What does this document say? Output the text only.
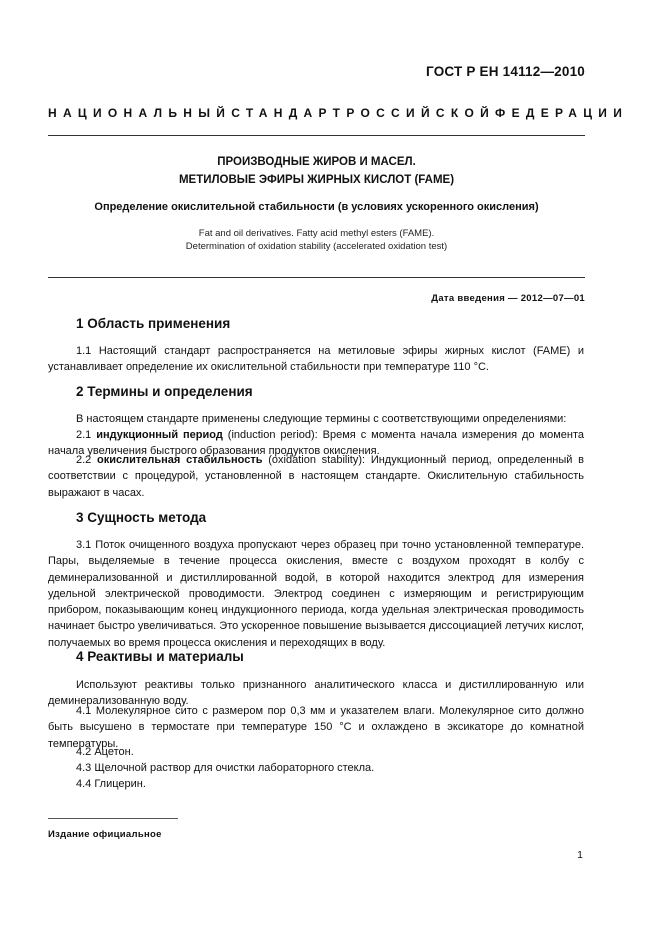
ГОСТ Р ЕН 14112—2010
НАЦИОНАЛЬНЫЙ СТАНДАРТ РОССИЙСКОЙ ФЕДЕРАЦИИ
ПРОИЗВОДНЫЕ ЖИРОВ И МАСЕЛ.
МЕТИЛОВЫЕ ЭФИРЫ ЖИРНЫХ КИСЛОТ (FAME)
Определение окислительной стабильности (в условиях ускоренного окисления)
Fat and oil derivatives. Fatty acid methyl esters (FAME).
Determination of oxidation stability (accelerated oxidation test)
Дата введения — 2012—07—01
1 Область применения
1.1 Настоящий стандарт распространяется на метиловые эфиры жирных кислот (FAME) и устанавливает определение их окислительной стабильности при температуре 110 °С.
2 Термины и определения
В настоящем стандарте применены следующие термины с соответствующими определениями:
2.1 индукционный период (induction period): Время с момента начала измерения до момента начала увеличения быстрого образования продуктов окисления.
2.2 окислительная стабильность (oxidation stability): Индукционный период, определенный в соответствии с процедурой, установленной в настоящем стандарте. Окислительную стабильность выражают в часах.
3 Сущность метода
3.1 Поток очищенного воздуха пропускают через образец при точно установленной температуре. Пары, выделяемые в течение процесса окисления, вместе с воздухом проходят в колбу с деминерализованной и дистиллированной водой, в которой находится электрод для измерения удельной электрической проводимости. Электрод соединен с измеряющим и регистрирующим прибором, показывающим конец индукционного периода, когда удельная электрическая проводимость начинает быстро увеличиваться. Это ускоренное повышение вызывается диссоциацией летучих кислот, получаемых во время процесса окисления и переходящих в воду.
4 Реактивы и материалы
Используют реактивы только признанного аналитического класса и дистиллированную или деминерализованную воду.
4.1 Молекулярное сито с размером пор 0,3 мм и указателем влаги. Молекулярное сито должно быть высушено в термостате при температуре 150 °С и охлаждено в эксикаторе до комнатной температуры.
4.2 Ацетон.
4.3 Щелочной раствор для очистки лабораторного стекла.
4.4 Глицерин.
Издание официальное
1
